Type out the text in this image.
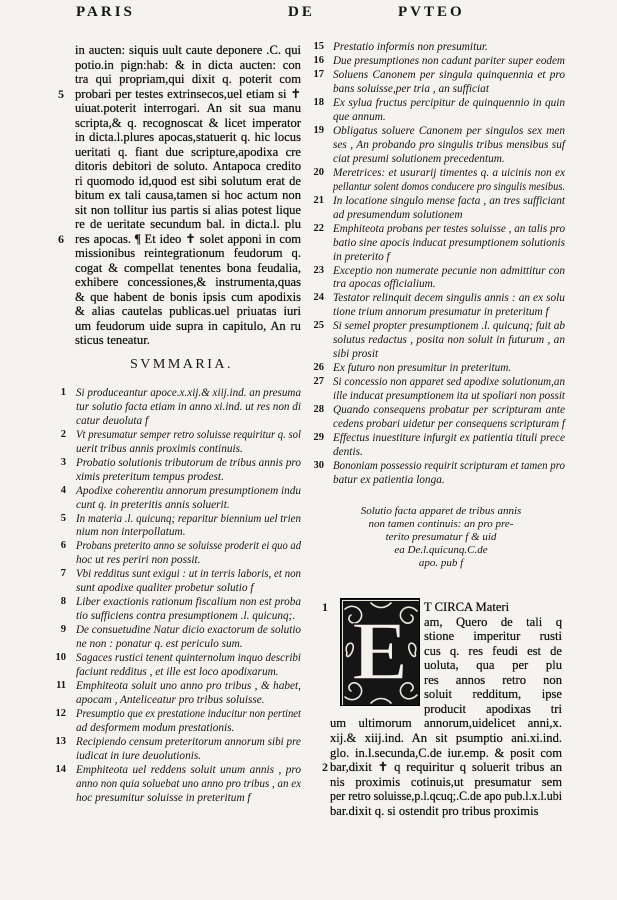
PARIS	DE	PVTEO
in aucten: siquis uult caute deponere .C. qui
potio.in pign:hab: & in dicta aucten: con
tra qui propriam,qui dixit q. poterit com
probari per testes extrinsecos,uel etiam si ✝
5
uiuat.poterit interrogari. An sit sua manu
scripta,& q. recognoscat & licet imperator
in dicta.l.plures apocas,statuerit q. hic locus
ueritati q. fiant due scripture,apodixa cre
ditoris debitori de soluto. Antapoca credito
ri quomodo id,quod est sibi solutum erat de
bitum ex tali causa,tamen si hoc actum non
sit non tollitur ius partis si alias potest lique
re de ueritate secundum bal. in dicta.l. plu
res apocas. ¶ Et ideo ✝ solet apponi in com
6
missionibus reintegrationum feudorum q.
cogat & compellat tenentes bona feudalia,
exhibere concessiones,& instrumenta,quas
& que habent de bonis ipsis cum apodixis
& alias cautelas publicas.uel priuatas iuri
um feudorum uide supra in capitulo, An ru
sticus teneatur.
SVMMARIA.
1 Si produceantur apoce.x.xij.& xiij.ind. an presuma
tur solutio facta etiam in anno xi.ind. ut res non di
catur deuoluta f
2 Vt presumatur semper retro soluisse requiritur q. sol
uerit tribus annis proximis continuis.
3 Probatio solutionis tributorum de tribus annis pro
ximis preteritum tempus prodest.
4 Apodixe coherentiu annorum presumptionem indu
cunt q. in preteritis annis soluerit.
5 In materia .l. quicunq; reparitur biennium uel trien
nium non interpollatum.
6 Probans preterito anno se soluisse proderit ei quo ad
hoc ut res periri non possit.
7 Vbi redditus sunt exigui : ut in terris laboris, et non
sunt apodixe qualiter probetur solutio f
8 Liber exactionis rationum fiscalium non est proba
tio sufficiens contra presumptionem .l. quicunq;.
9 De consuetudine Natur dicio exactorum de solutio
ne non : ponatur q. est periculo sum.
10 Sagaces rustici tenent quinternolum inquo describi
faciunt redditus , et ille est loco apodixarum.
11 Emphiteota soluit uno anno pro tribus , & habet,
apocam , Anteliceatur pro tribus soluisse.
12 Presumptio que ex prestatione inducitur non pertinet
ad desformem modum prestationis.
13 Recipiendo censum preteritorum annorum sibi pre
iudicat in iure deuolutionis.
14 Emphiteota uel reddens soluit unum annis , pro
anno non quia soluebat uno anno pro tribus , an ex
hoc presumitur soluisse in preteritum f
15 Prestatio informis non presumitur.
16 Due presumptiones non cadunt pariter super eodem
17 Soluens Canonem per singula quinquennia et pro
bans soluisse,per tria , an sufficiat
18 Ex sylua fructus percipitur de quinquennio in quin
que annum.
19 Obligatus soluere Canonem per singulos sex men
ses , An probando pro singulis tribus mensibus suf
ciat presumi solutionem precedentum.
20 Meretrices: et usurarij timentes q. a uicinis non ex
pellantur solent domos conducere pro singulis mesibus.
21 In locatione singulo mense facta , an tres sufficiant
ad presumendum solutionem
22 Emphiteota probans per testes soluisse , an talis pro
batio sine apocis inducat presumptionem solutionis
in preterito f
23 Exceptio non numerate pecunie non admittitur con
tra apocas officialium.
24 Testator relinquit decem singulis annis : an ex solu
tione trium annorum presumatur in preteritum f
25 Si semel propter presumptionem .l. quicunq; fuit ab
solutus redactus , posita non soluit in futurum , an
sibi prosit
26 Ex futuro non presumitur in preteritum.
27 Si concessio non apparet sed apodixe solutionum,an
ille inducat presumptionem ita ut spoliari non possit
28 Quando consequens probatur per scripturam ante
cedens probari uidetur per consequens scripturam f
29 Effectus inuestiture infurgit ex patientia tituli prece
dentis.
30 Bononiam possessio requirit scripturam et tamen pro
batur ex patientia longa.
Solutio facta apparet de tribus annis
non tamen continuis: an pro pre-
terito presumatur f & uid
ea De.l.quicunq.C.de
apo. pub f
E	T CIRCA Materi
1
am, Quero de tali q
stione imperitur rusti
cus q. res feudi est de
uoluta, qua per plu
res annos retro non
soluit redditum, ipse
producit apodixas tri
um ultimorum annorum,uidelicet anni,x.
xij.& xiij.ind. An sit psumptio ani.xi.ind.
glo. in.l.secunda,C.de iur.emp. & posit com
bar,dixit ✝ q requiritur q soluerit tribus an
2
nis proximis cotinuis,ut presumatur sem
per retro soluisse,p.l.qcuq;.C.de apo pub.l.x.l.ubi
bar.dixit q. si ostendit pro tribus proximis
